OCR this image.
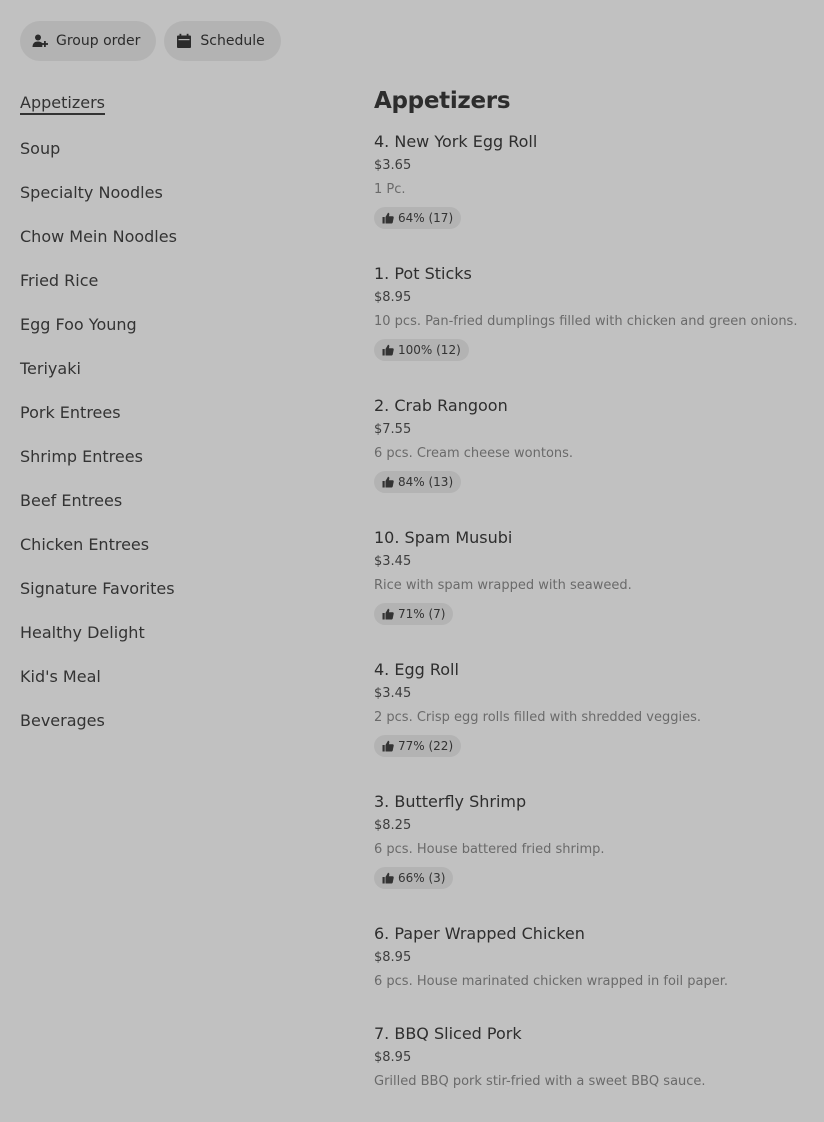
Group order	Schedule
Appetizers
Soup
Specialty Noodles
Chow Mein Noodles
Fried Rice
Egg Foo Young
Teriyaki
Pork Entrees
Shrimp Entrees
Beef Entrees
Chicken Entrees
Signature Favorites
Healthy Delight
Kid's Meal
Beverages
Appetizers
4. New York Egg Roll
$3.65
1 Pc.
64% (17)
1. Pot Sticks
$8.95
10 pcs. Pan-fried dumplings filled with chicken and green onions.
100% (12)
2. Crab Rangoon
$7.55
6 pcs. Cream cheese wontons.
84% (13)
10. Spam Musubi
$3.45
Rice with spam wrapped with seaweed.
71% (7)
4. Egg Roll
$3.45
2 pcs. Crisp egg rolls filled with shredded veggies.
77% (22)
3. Butterfly Shrimp
$8.25
6 pcs. House battered fried shrimp.
66% (3)
6. Paper Wrapped Chicken
$8.95
6 pcs. House marinated chicken wrapped in foil paper.
7. BBQ Sliced Pork
$8.95
Grilled BBQ pork stir-fried with a sweet BBQ sauce.
